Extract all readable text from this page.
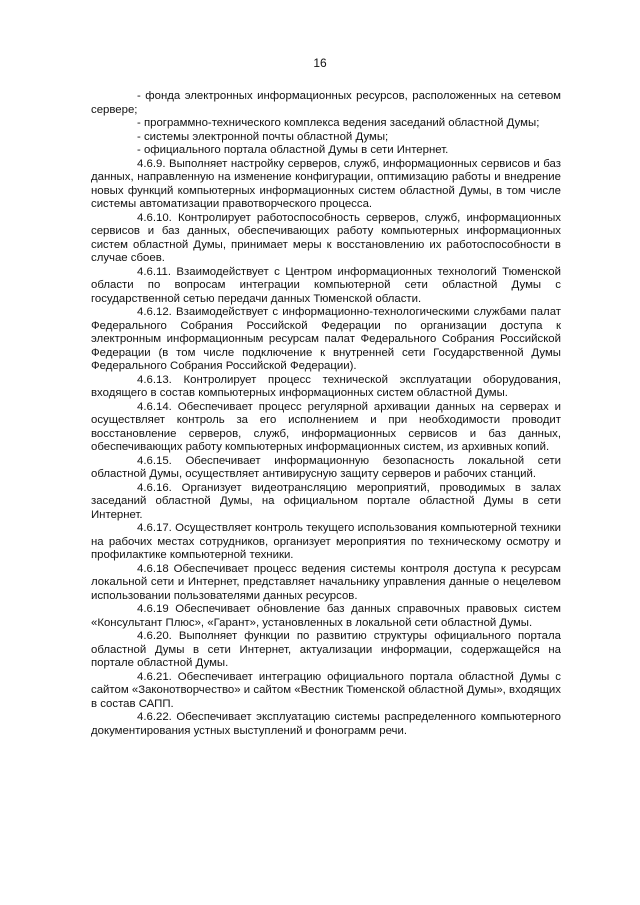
16

- фонда электронных информационных ресурсов, расположенных на сетевом сервере;

- программно-технического комплекса ведения заседаний областной Думы;

- системы электронной почты областной Думы;

- официального портала областной Думы в сети Интернет.

4.6.9. Выполняет настройку серверов, служб, информационных сервисов и баз данных, направленную на изменение конфигурации, оптимизацию работы и внедрение новых функций компьютерных информационных систем областной Думы, в том числе системы автоматизации правотворческого процесса.

4.6.10. Контролирует работоспособность серверов, служб, информационных сервисов и баз данных, обеспечивающих работу компьютерных информационных систем областной Думы, принимает меры к восстановлению их работоспособности в случае сбоев.

4.6.11. Взаимодействует с Центром информационных технологий Тюменской области по вопросам интеграции компьютерной сети областной Думы с государственной сетью передачи данных Тюменской области.

4.6.12. Взаимодействует с информационно-технологическими службами палат Федерального Собрания Российской Федерации по организации доступа к электронным информационным ресурсам палат Федерального Собрания Российской Федерации (в том числе подключение к внутренней сети Государственной Думы Федерального Собрания Российской Федерации).

4.6.13. Контролирует процесс технической эксплуатации оборудования, входящего в состав компьютерных информационных систем областной Думы.

4.6.14. Обеспечивает процесс регулярной архивации данных на серверах и осуществляет контроль за его исполнением и при необходимости проводит восстановление серверов, служб, информационных сервисов и баз данных, обеспечивающих работу компьютерных информационных систем, из архивных копий.

4.6.15. Обеспечивает информационную безопасность локальной сети областной Думы, осуществляет антивирусную защиту серверов и рабочих станций.

4.6.16. Организует видеотрансляцию мероприятий, проводимых в залах заседаний областной Думы, на официальном портале областной Думы в сети Интернет.

4.6.17. Осуществляет контроль текущего использования компьютерной техники на рабочих местах сотрудников, организует мероприятия по техническому осмотру и профилактике компьютерной техники.

4.6.18 Обеспечивает процесс ведения системы контроля доступа к ресурсам локальной сети и Интернет, представляет начальнику управления данные о нецелевом использовании пользователями данных ресурсов.

4.6.19 Обеспечивает обновление баз данных справочных правовых систем «Консультант Плюс», «Гарант», установленных в локальной сети областной Думы.

4.6.20. Выполняет функции по развитию структуры официального портала областной Думы в сети Интернет, актуализации информации, содержащейся на портале областной Думы.

4.6.21. Обеспечивает интеграцию официального портала областной Думы с сайтом «Законотворчество» и сайтом «Вестник Тюменской областной Думы», входящих в состав САПП.

4.6.22. Обеспечивает эксплуатацию системы распределенного компьютерного документирования устных выступлений и фонограмм речи.
